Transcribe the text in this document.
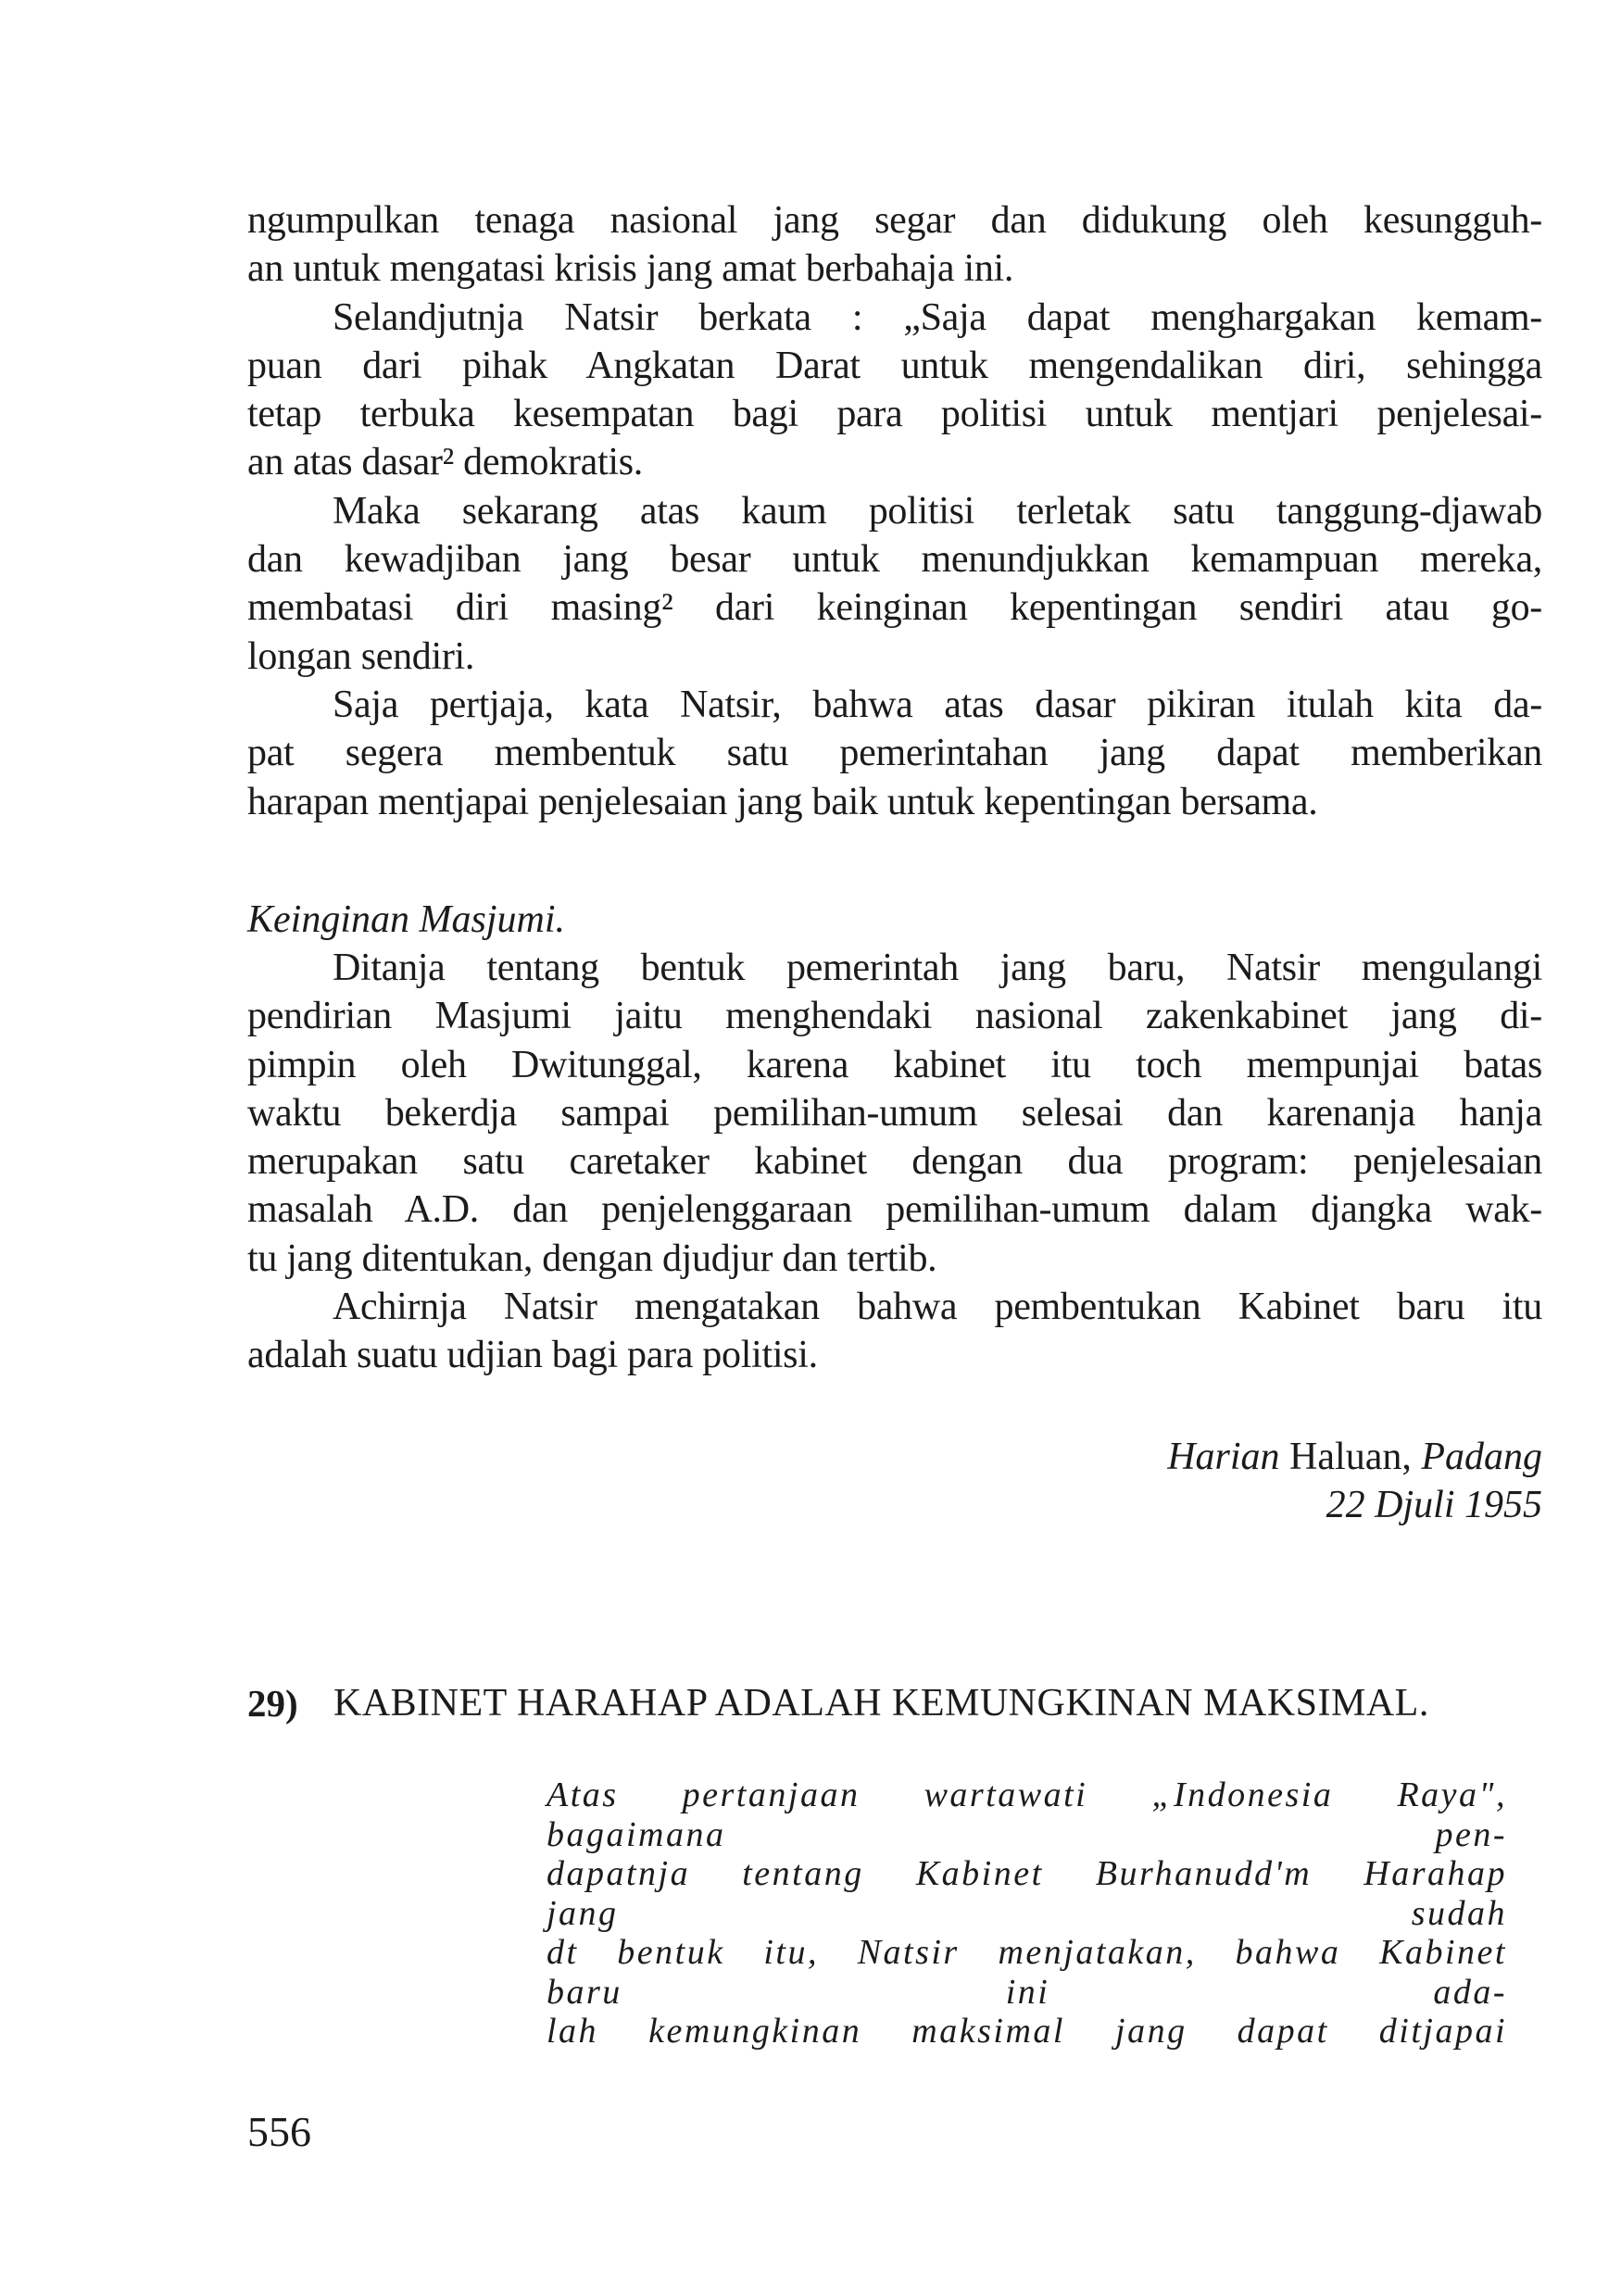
ngumpulkan tenaga nasional jang segar dan didukung oleh kesungguh-
an untuk mengatasi krisis jang amat berbahaja ini.
Selandjutnja Natsir berkata : „Saja dapat menghargakan kemam-
puan dari pihak Angkatan Darat untuk mengendalikan diri, sehingga
tetap terbuka kesempatan bagi para politisi untuk mentjari penjelesai-
an atas dasar² demokratis.
Maka sekarang atas kaum politisi terletak satu tanggung-djawab
dan kewadjiban jang besar untuk menundjukkan kemampuan mereka,
membatasi diri masing² dari keinginan kepentingan sendiri atau go-
longan sendiri.
Saja pertjaja, kata Natsir, bahwa atas dasar pikiran itulah kita da-
pat segera membentuk satu pemerintahan jang dapat memberikan
harapan mentjapai penjelesaian jang baik untuk kepentingan bersama.
Keinginan Masjumi.
Ditanja tentang bentuk pemerintah jang baru, Natsir mengulangi
pendirian Masjumi jaitu menghendaki nasional zakenkabinet jang di-
pimpin oleh Dwitunggal, karena kabinet itu toch mempunjai batas
waktu bekerdja sampai pemilihan-umum selesai dan karenanja hanja
merupakan satu caretaker kabinet dengan dua program: penjelesaian
masalah A.D. dan penjelenggaraan pemilihan-umum dalam djangka wak-
tu jang ditentukan, dengan djudjur dan tertib.
Achirnja Natsir mengatakan bahwa pembentukan Kabinet baru itu
adalah suatu udjian bagi para politisi.
Harian Haluan, Padang
22 Djuli 1955
29) KABINET HARAHAP ADALAH KEMUNGKINAN MAKSIMAL.
Atas pertanjaan wartawati „Indonesia Raya",
bagaimana	pen-
dapatnja tentang Kabinet Burhanudd'm Harahap
jang	sudah
dt bentuk itu, Natsir menjatakan, bahwa Kabinet
baru	ini	ada-
lah kemungkinan maksimal jang dapat ditjapai
556
